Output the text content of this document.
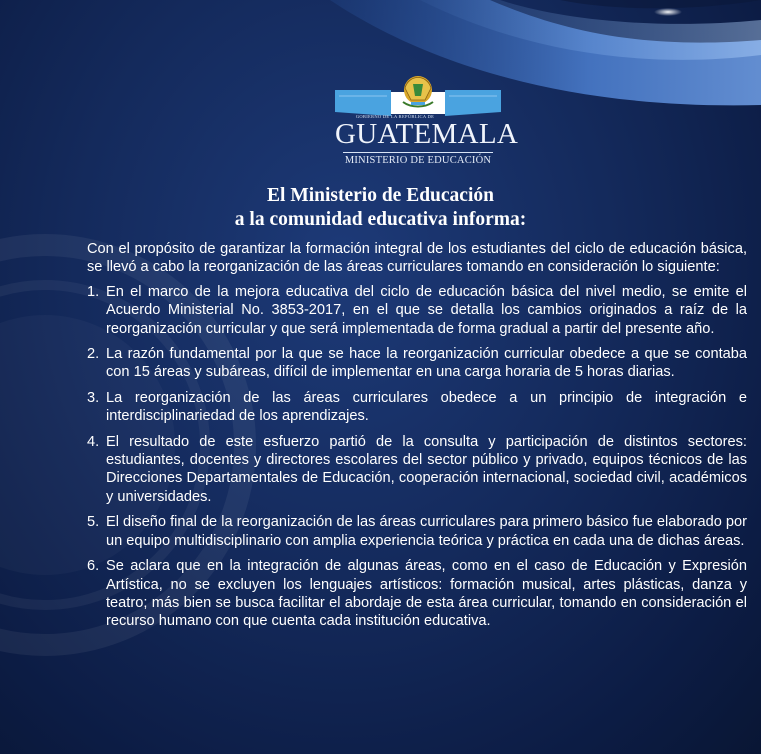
GOBIERNO DE LA REPÚBLICA DE
GUATEMALA
MINISTERIO DE EDUCACIÓN
El Ministerio de Educación
a la comunidad educativa informa:

Con el propósito de garantizar la formación integral de los estudiantes del ciclo de educación básica, se llevó a cabo la reorganización de las áreas curriculares tomando en consideración lo siguiente:

1. En el marco de la mejora educativa del ciclo de educación básica del nivel medio, se emite el Acuerdo Ministerial No. 3853-2017, en el que se detalla los cambios originados a raíz de la reorganización curricular y que será implementada de forma gradual a partir del presente año.
2. La razón fundamental por la que se hace la reorganización curricular obedece a que se contaba con 15 áreas y subáreas, difícil de implementar en una carga horaria de 5 horas diarias.
3. La reorganización de las áreas curriculares obedece a un principio de integración e interdisciplinariedad de los aprendizajes.
4. El resultado de este esfuerzo partió de la consulta y participación de distintos sectores: estudiantes, docentes y directores escolares del sector público y privado, equipos técnicos de las Direcciones Departamentales de Educación, cooperación internacional, sociedad civil, académicos y universidades.
5. El diseño final de la reorganización de las áreas curriculares para primero básico fue elaborado por un equipo multidisciplinario con amplia experiencia teórica y práctica en cada una de dichas áreas.
6. Se aclara que en la integración de algunas áreas, como en el caso de Educación y Expresión Artística, no se excluyen los lenguajes artísticos: formación musical, artes plásticas, danza y teatro; más bien se busca facilitar el abordaje de esta área curricular, tomando en consideración el recurso humano con que cuenta cada institución educativa.
